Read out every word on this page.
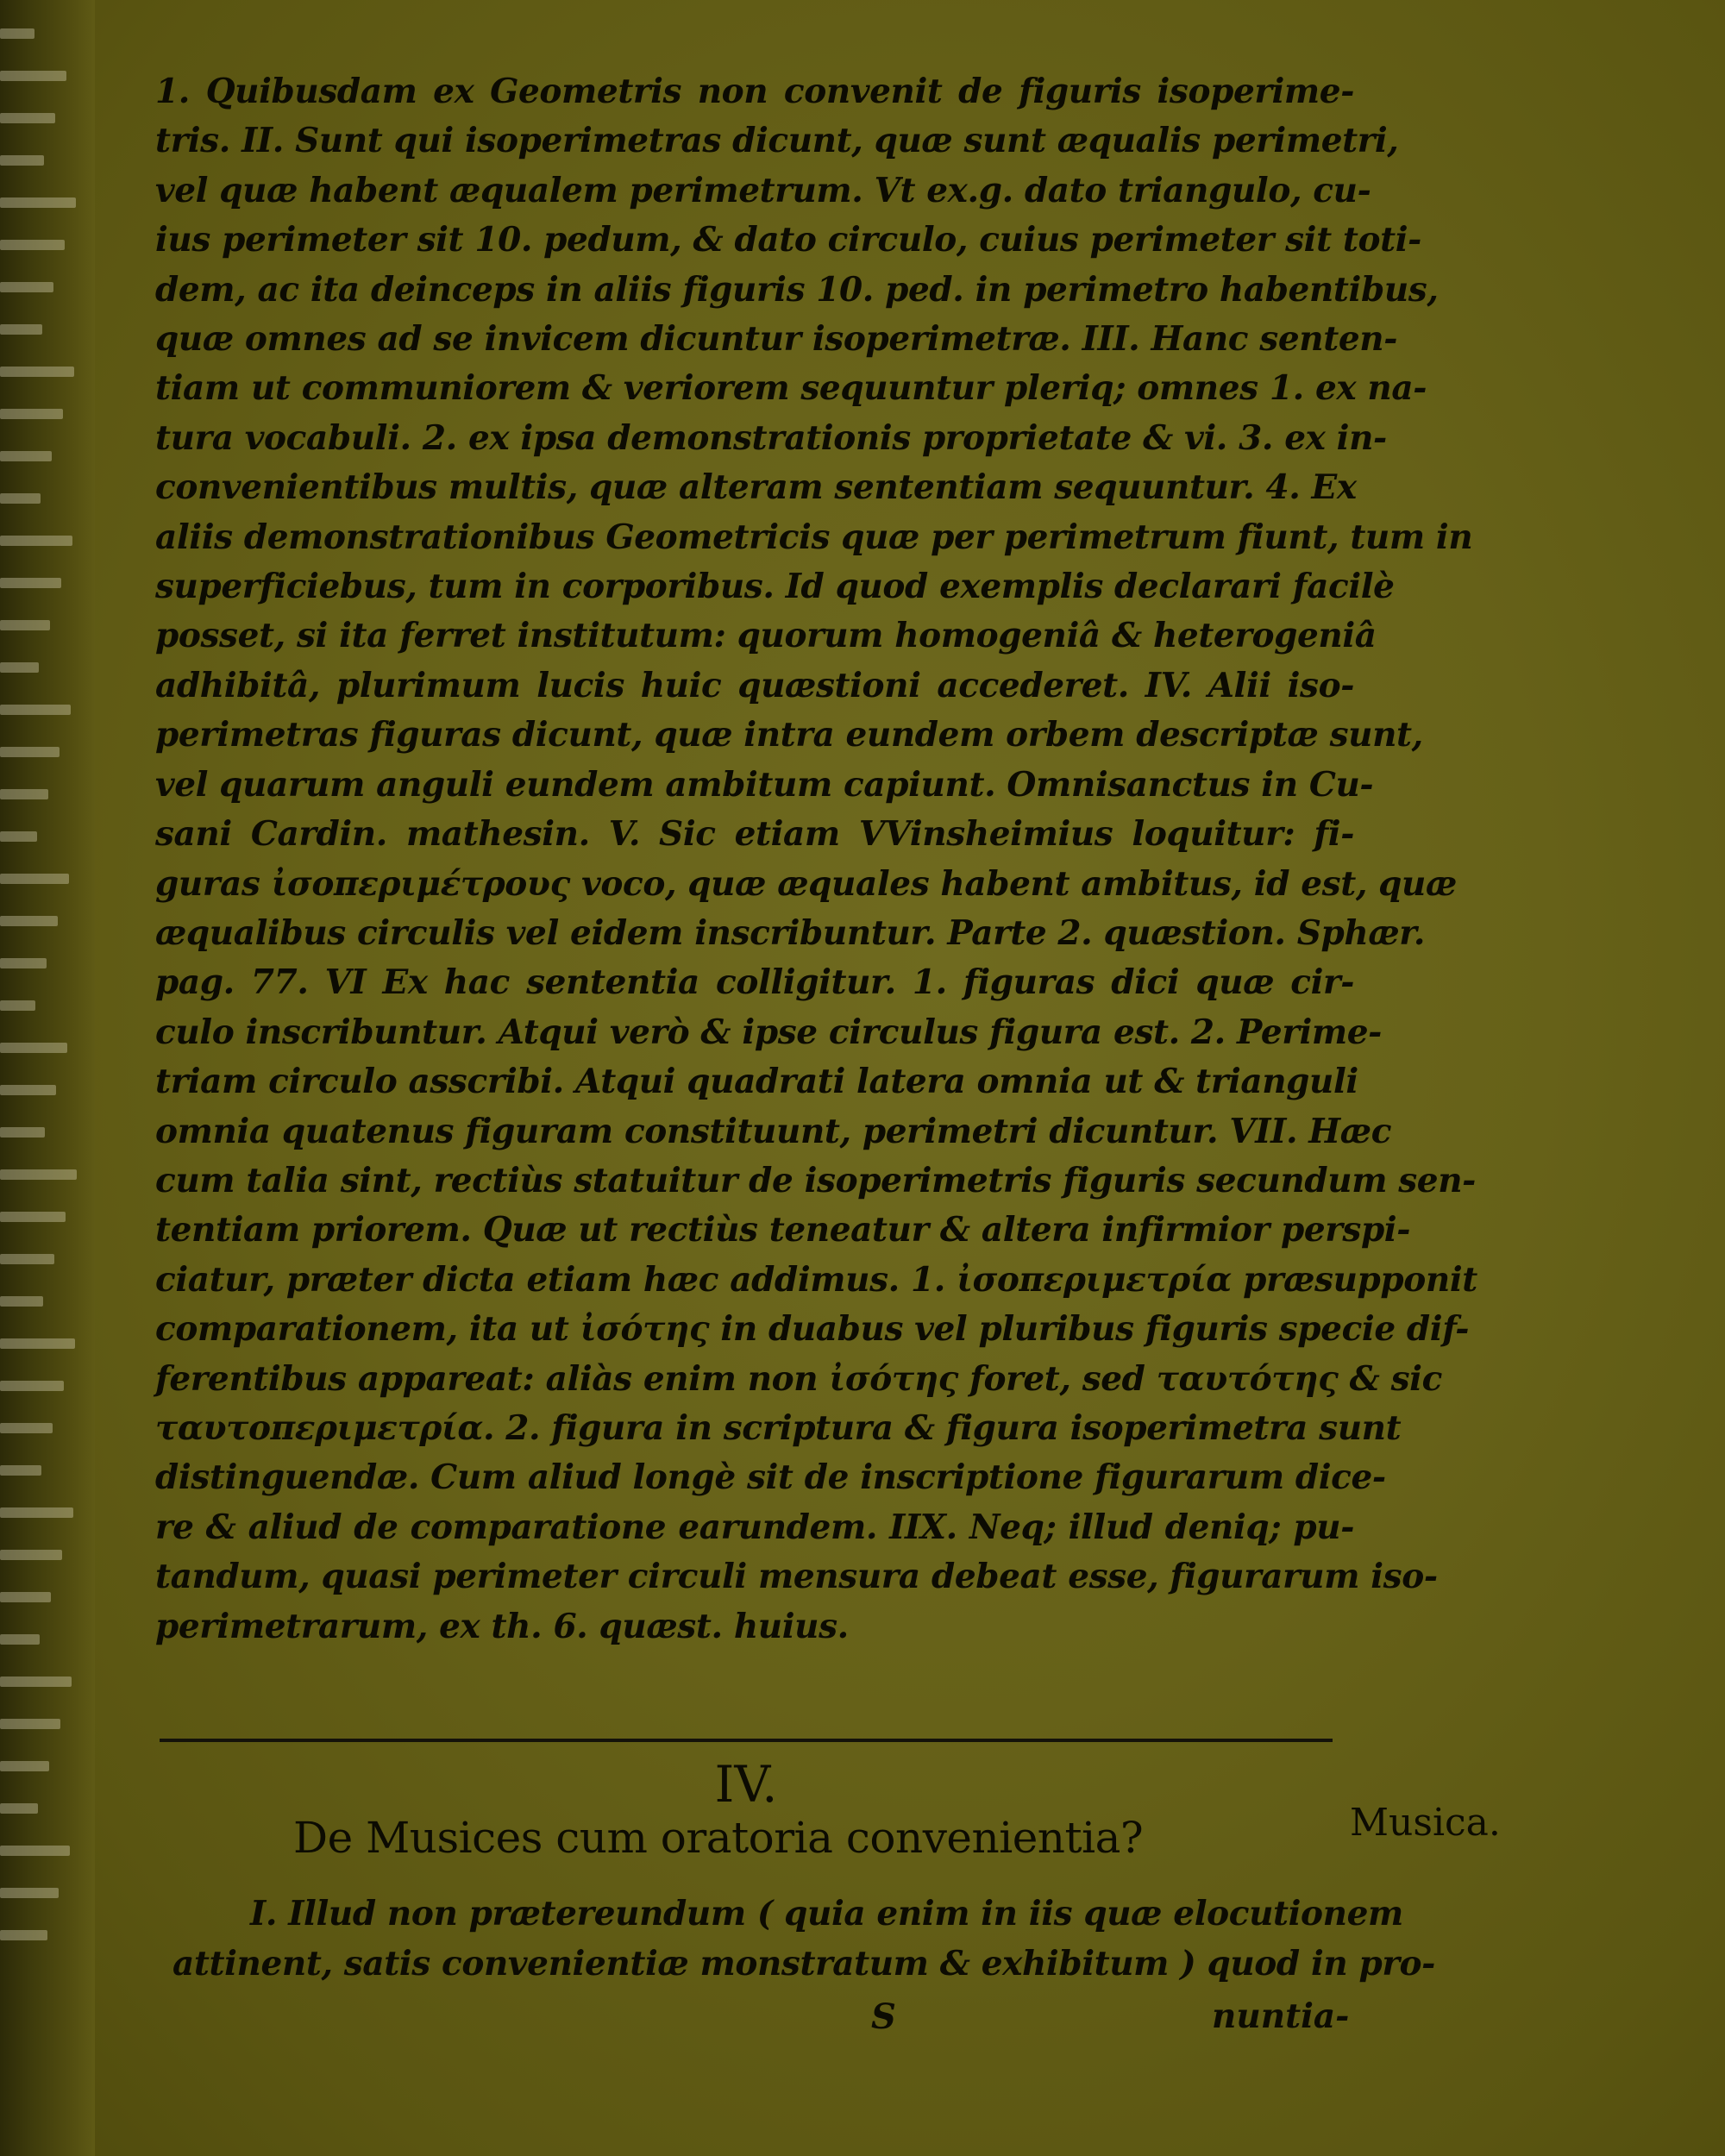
1. Quibusdam ex Geometris non convenit de figuris isoperime-
tris. II. Sunt qui isoperimetras dicunt, quæ sunt æqualis perimetri,
vel quæ habent æqualem perimetrum. Vt ex.g. dato triangulo, cu-
ius perimeter sit 10. pedum, & dato circulo, cuius perimeter sit toti-
dem, ac ita deinceps in aliis figuris 10. ped. in perimetro habentibus,
quæ omnes ad se invicem dicuntur isoperimetræ. III. Hanc senten-
tiam ut communiorem & veriorem sequuntur pleriq; omnes 1. ex na-
tura vocabuli. 2. ex ipsa demonstrationis proprietate & vi. 3. ex in-
convenientibus multis, quæ alteram sententiam sequuntur. 4. Ex
aliis demonstrationibus Geometricis quæ per perimetrum fiunt, tum in
superficiebus, tum in corporibus. Id quod exemplis declarari facilè
posset, si ita ferret institutum: quorum homogeniâ & heterogeniâ
adhibitâ, plurimum lucis huic quæstioni accederet. IV. Alii iso-
perimetras figuras dicunt, quæ intra eundem orbem descriptæ sunt,
vel quarum anguli eundem ambitum capiunt. Omnisanctus in Cu-
sani Cardin. mathesin. V. Sic etiam VVinsheimius loquitur: fi-
guras ἰσοπεριμέτρους voco, quæ æquales habent ambitus, id est, quæ
æqualibus circulis vel eidem inscribuntur. Parte 2. quæstion. Sphær.
pag. 77. VI Ex hac sententia colligitur. 1. figuras dici quæ cir-
culo inscribuntur. Atqui verò & ipse circulus figura est. 2. Perime-
triam circulo asscribi. Atqui quadrati latera omnia ut & trianguli
omnia quatenus figuram constituunt, perimetri dicuntur. VII. Hæc
cum talia sint, rectiùs statuitur de isoperimetris figuris secundum sen-
tentiam priorem. Quæ ut rectiùs teneatur & altera infirmior perspi-
ciatur, præter dicta etiam hæc addimus. 1. ἰσοπεριμετρία præsupponit
comparationem, ita ut ἰσότης in duabus vel pluribus figuris specie dif-
ferentibus appareat: aliàs enim non ἰσότης foret, sed ταυτότης & sic
ταυτοπεριμετρία. 2. figura in scriptura & figura isoperimetra sunt
distinguendæ. Cum aliud longè sit de inscriptione figurarum dice-
re & aliud de comparatione earundem. IIX. Neq; illud deniq; pu-
tandum, quasi perimeter circuli mensura debeat esse, figurarum iso-
perimetrarum, ex th. 6. quæst. huius.
IV.
De Musices cum oratoria convenientia?	Musica.
I. Illud non prætereundum ( quia enim in iis quæ elocutionem
attinent, satis convenientiæ monstratum & exhibitum ) quod in pro-
S	nuntia-
